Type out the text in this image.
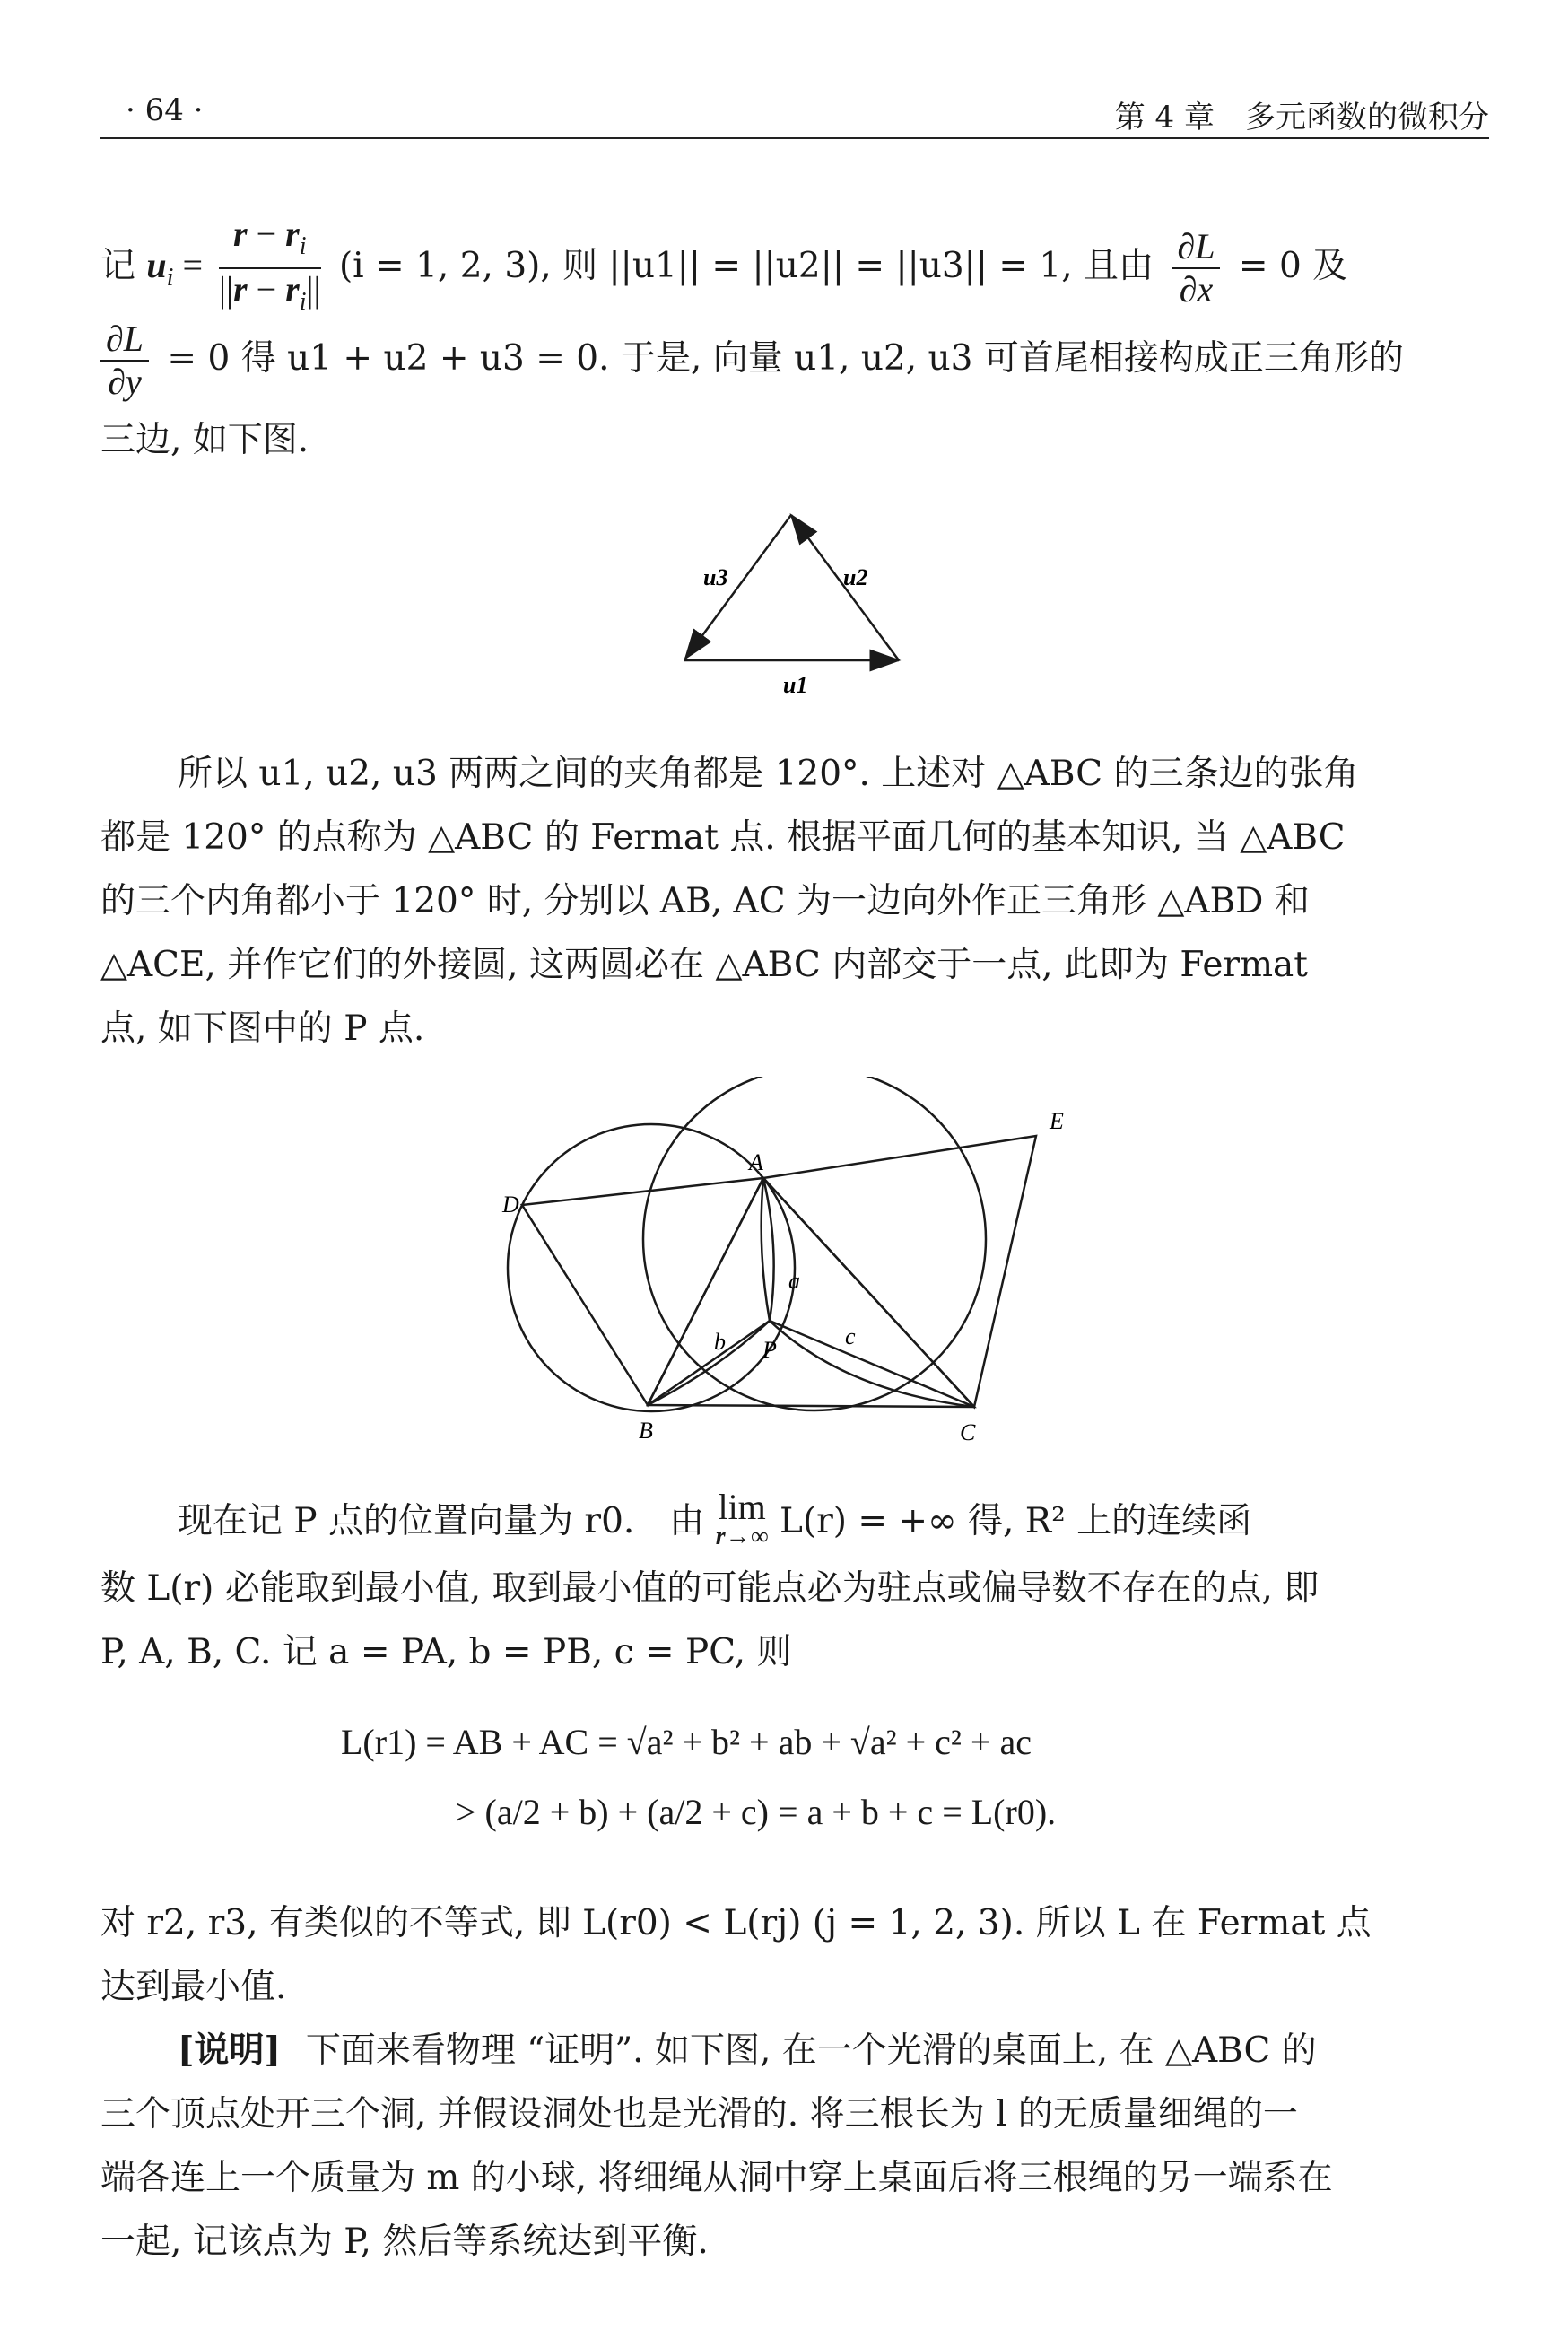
· 64 ·	第 4 章　多元函数的微积分
记 $u_i = \frac{r - r_i}{||r - r_i||} (i = 1$, 2, 3), 则 ||u1|| = ||u2|| = ||u3|| = 1, 且由 $\frac{\partial L}{\partial x} = 0$ 及
$\frac{\partial L}{\partial y} = 0$ 得 u1 + u2 + u3 = 0. 于是, 向量 u1, u2, u3 可首尾相接构成正三角形的
三边, 如下图.
u3	u2
u1
所以 u1, u2, u3 两两之间的夹角都是 120°. 上述对 △ABC 的三条边的张角
都是 120° 的点称为 △ABC 的 Fermat 点. 根据平面几何的基本知识, 当 △ABC
的三个内角都小于 120° 时, 分别以 AB, AC 为一边向外作正三角形 △ABD 和
△ACE, 并作它们的外接圆, 这两圆必在 △ABC 内部交于一点, 此即为 Fermat
点, 如下图中的 P 点.
A
B	C
D
E
P
a
b	c
现在记 P 点的位置向量为 r0.　由 lim
r→∞ L(r) = +∞ 得, R² 上的连续函
数 L(r) 必能取到最小值, 取到最小值的可能点必为驻点或偏导数不存在的点, 即
P, A, B, C. 记 a = PA, b = PB, c = PC, 则
L(r1) = AB + AC = √a² + b² + ab + √a² + c² + ac
> (a/2 + b) + (a/2 + c) = a + b + c = L(r0).
对 r2, r3, 有类似的不等式, 即 L(r0) < L(rj) (j = 1, 2, 3). 所以 L 在 Fermat 点
达到最小值.
[说明] 下面来看物理 “证明”. 如下图, 在一个光滑的桌面上, 在 △ABC 的
三个顶点处开三个洞, 并假设洞处也是光滑的. 将三根长为 l 的无质量细绳的一
端各连上一个质量为 m 的小球, 将细绳从洞中穿上桌面后将三根绳的另一端系在
一起, 记该点为 P, 然后等系统达到平衡.
